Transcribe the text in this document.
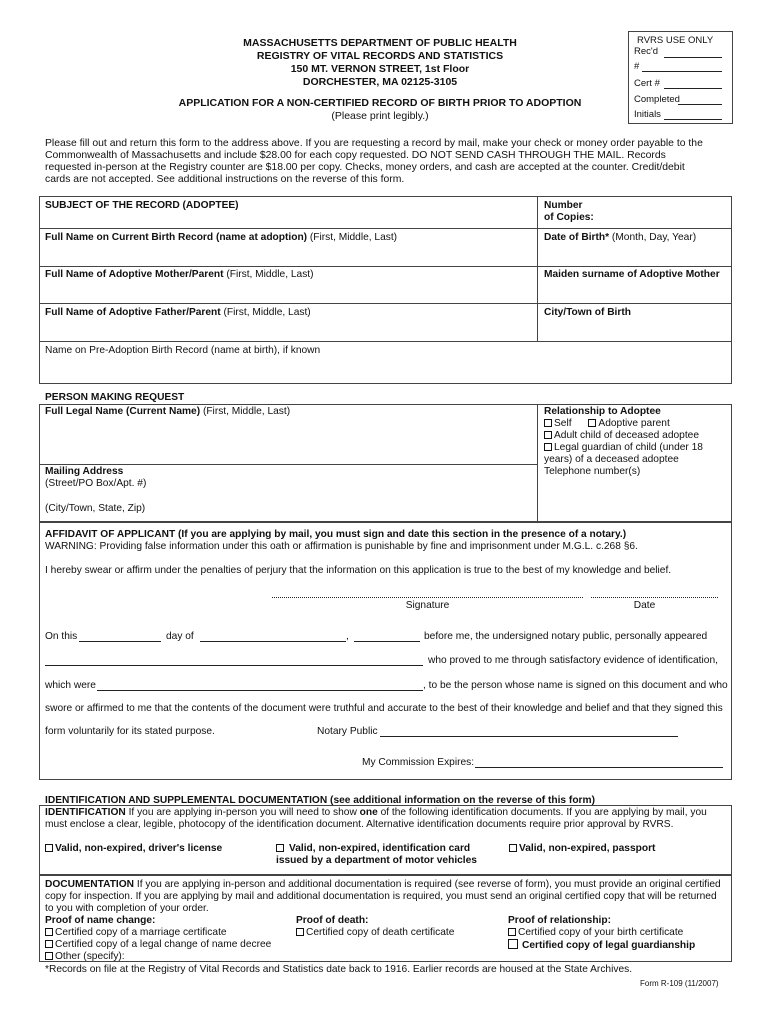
MASSACHUSETTS DEPARTMENT OF PUBLIC HEALTH
REGISTRY OF VITAL RECORDS AND STATISTICS
150 MT. VERNON STREET, 1st Floor
DORCHESTER, MA 02125-3105
APPLICATION FOR A NON-CERTIFIED RECORD OF BIRTH PRIOR TO ADOPTION
(Please print legibly.)
RVRS USE ONLY
Rec'd
#
Cert #
Completed
Initials
Please fill out and return this form to the address above. If you are requesting a record by mail, make your check or money order payable to the Commonwealth of Massachusetts and include $28.00 for each copy requested. DO NOT SEND CASH THROUGH THE MAIL. Records requested in-person at the Registry counter are $18.00 per copy. Checks, money orders, and cash are accepted at the counter. Credit/debit cards are not accepted. See additional instructions on the reverse of this form.
SUBJECT OF THE RECORD (ADOPTEE)	Number
of Copies:
Full Name on Current Birth Record (name at adoption) (First, Middle, Last)	Date of Birth* (Month, Day, Year)
Full Name of Adoptive Mother/Parent (First, Middle, Last)	Maiden surname of Adoptive Mother
Full Name of Adoptive Father/Parent (First, Middle, Last)	City/Town of Birth
Name on Pre-Adoption Birth Record (name at birth), if known
PERSON MAKING REQUEST
Full Legal Name (Current Name) (First, Middle, Last)	Relationship to Adoptee
Self	Adoptive parent
Adult child of deceased adoptee
Legal guardian of child (under 18 years) of a deceased adoptee
Telephone number(s)
Mailing Address
(Street/PO Box/Apt. #)
(City/Town, State, Zip)
AFFIDAVIT OF APPLICANT (If you are applying by mail, you must sign and date this section in the presence of a notary.)
WARNING: Providing false information under this oath or affirmation is punishable by fine and imprisonment under M.G.L. c.268 §6.
I hereby swear or affirm under the penalties of perjury that the information on this application is true to the best of my knowledge and belief.
Signature	Date
On this	day of	,	before me, the undersigned notary public, personally appeared
who proved to me through satisfactory evidence of identification,
which were	, to be the person whose name is signed on this document and who
swore or affirmed to me that the contents of the document were truthful and accurate to the best of their knowledge and belief and that they signed this
form voluntarily for its stated purpose.	Notary Public
My Commission Expires:
IDENTIFICATION AND SUPPLEMENTAL DOCUMENTATION (see additional information on the reverse of this form)
IDENTIFICATION If you are applying in-person you will need to show one of the following identification documents. If you are applying by mail, you must enclose a clear, legible, photocopy of the identification document. Alternative identification documents require prior approval by RVRS.
Valid, non-expired, driver's license	Valid, non-expired, identification card
issued by a department of motor vehicles
Valid, non-expired, passport
DOCUMENTATION If you are applying in-person and additional documentation is required (see reverse of form), you must provide an original certified copy for inspection. If you are applying by mail and additional documentation is required, you must send an original certified copy that will be returned to you with completion of your order.
Proof of name change:
Certified copy of a marriage certificate
Certified copy of a legal change of name decree
Other (specify):
Proof of death:
Certified copy of death certificate
Proof of relationship:
Certified copy of your birth certificate
Certified copy of legal guardianship
*Records on file at the Registry of Vital Records and Statistics date back to 1916. Earlier records are housed at the State Archives.
Form R-109 (11/2007)
